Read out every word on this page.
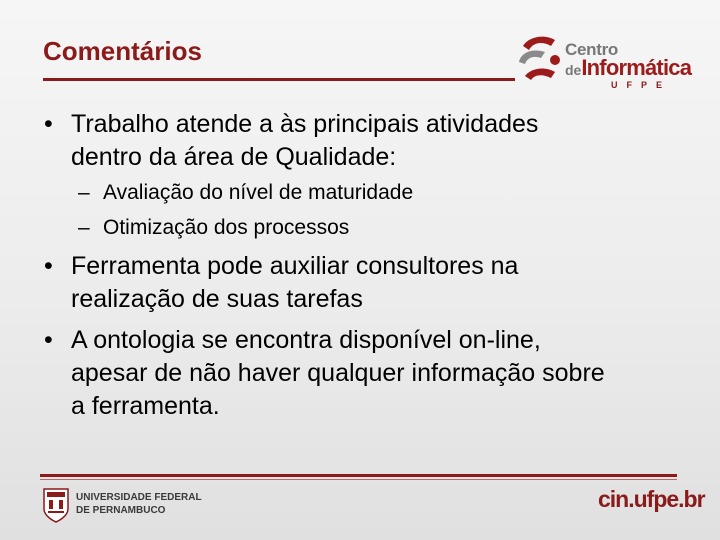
Comentários	Centro
deInformática
UFPE
• Trabalho atende a às principais atividades
dentro da área de Qualidade:
– Avaliação do nível de maturidade
– Otimização dos processos
• Ferramenta pode auxiliar consultores na
realização de suas tarefas
• A ontologia se encontra disponível on-line,
apesar de não haver qualquer informação sobre
a ferramenta.
UNIVERSIDADE FEDERAL
DE PERNAMBUCO	cin.ufpe.br
